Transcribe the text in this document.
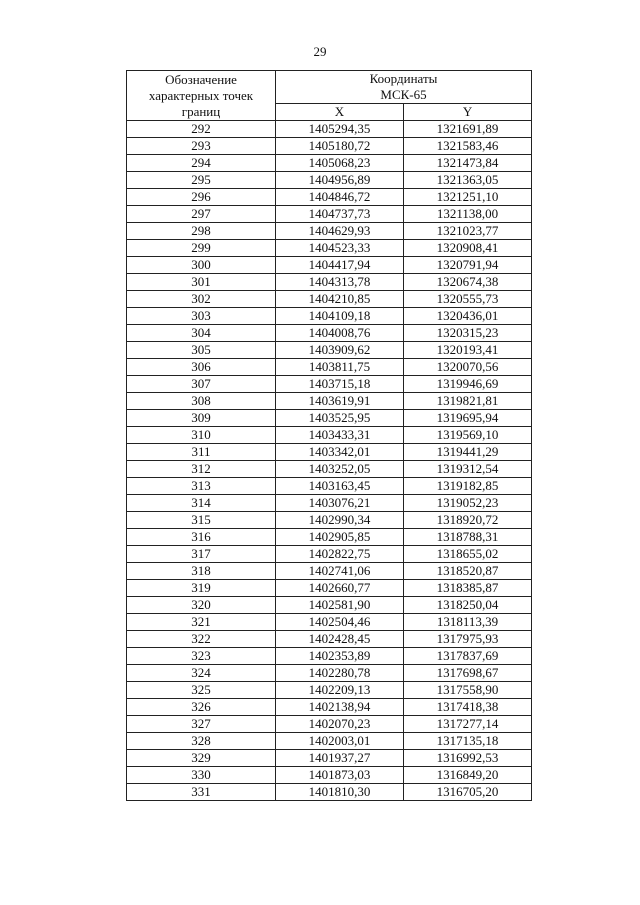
29
Обозначение
характерных точек
границ	Координаты
МСК-65	

	X	Y
292	1405294,35	1321691,89
293	1405180,72	1321583,46
294	1405068,23	1321473,84
295	1404956,89	1321363,05
296	1404846,72	1321251,10
297	1404737,73	1321138,00
298	1404629,93	1321023,77
299	1404523,33	1320908,41
300	1404417,94	1320791,94
301	1404313,78	1320674,38
302	1404210,85	1320555,73
303	1404109,18	1320436,01
304	1404008,76	1320315,23
305	1403909,62	1320193,41
306	1403811,75	1320070,56
307	1403715,18	1319946,69
308	1403619,91	1319821,81
309	1403525,95	1319695,94
310	1403433,31	1319569,10
311	1403342,01	1319441,29
312	1403252,05	1319312,54
313	1403163,45	1319182,85
314	1403076,21	1319052,23
315	1402990,34	1318920,72
316	1402905,85	1318788,31
317	1402822,75	1318655,02
318	1402741,06	1318520,87
319	1402660,77	1318385,87
320	1402581,90	1318250,04
321	1402504,46	1318113,39
322	1402428,45	1317975,93
323	1402353,89	1317837,69
324	1402280,78	1317698,67
325	1402209,13	1317558,90
326	1402138,94	1317418,38
327	1402070,23	1317277,14
328	1402003,01	1317135,18
329	1401937,27	1316992,53
330	1401873,03	1316849,20
331	1401810,30	1316705,20
